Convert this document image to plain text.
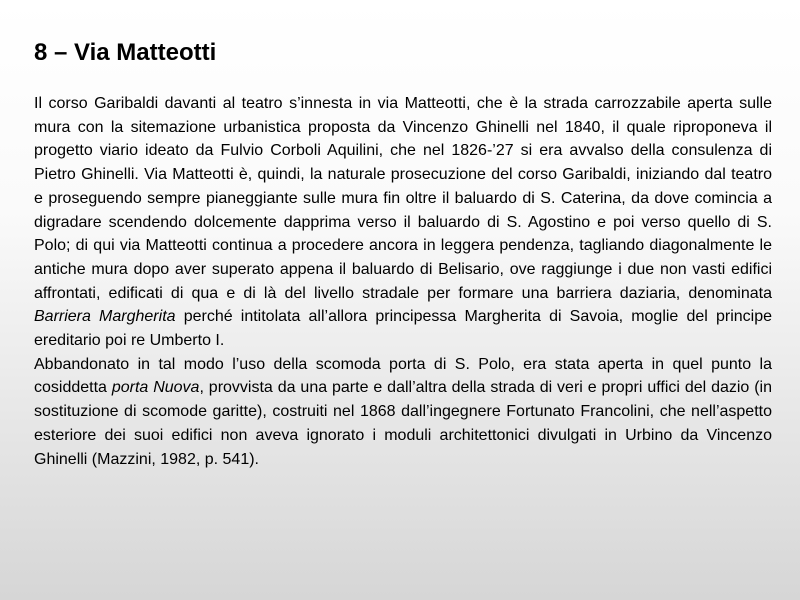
8 – Via Matteotti

Il corso Garibaldi davanti al teatro s’innesta in via Matteotti, che è la strada carrozzabile aperta sulle mura con la sitemazione urbanistica proposta da Vincenzo Ghinelli nel 1840, il quale riproponeva il progetto viario ideato da Fulvio Corboli Aquilini, che nel 1826-’27 si era avvalso della consulenza di Pietro Ghinelli. Via Matteotti è, quindi, la naturale prosecuzione del corso Garibaldi, iniziando dal teatro e proseguendo sempre pianeggiante sulle mura fin oltre il baluardo di S. Caterina, da dove comincia a digradare scendendo dolcemente dapprima verso il baluardo di S. Agostino e poi verso quello di S. Polo; di qui via Matteotti continua a procedere ancora in leggera pendenza, tagliando diagonalmente le antiche mura dopo aver superato appena il baluardo di Belisario, ove raggiunge i due non vasti edifici affrontati, edificati di qua e di là del livello stradale per formare una barriera daziaria, denominata Barriera Margherita perché intitolata all’allora principessa Margherita di Savoia, moglie del principe ereditario poi re Umberto I.

Abbandonato in tal modo l’uso della scomoda porta di S. Polo, era stata aperta in quel punto la cosiddetta porta Nuova, provvista da una parte e dall’altra della strada di veri e propri uffici del dazio (in sostituzione di scomode garitte), costruiti nel 1868 dall’ingegnere Fortunato Francolini, che nell’aspetto esteriore dei suoi edifici non aveva ignorato i moduli architettonici divulgati in Urbino da Vincenzo Ghinelli (Mazzini, 1982, p. 541).
